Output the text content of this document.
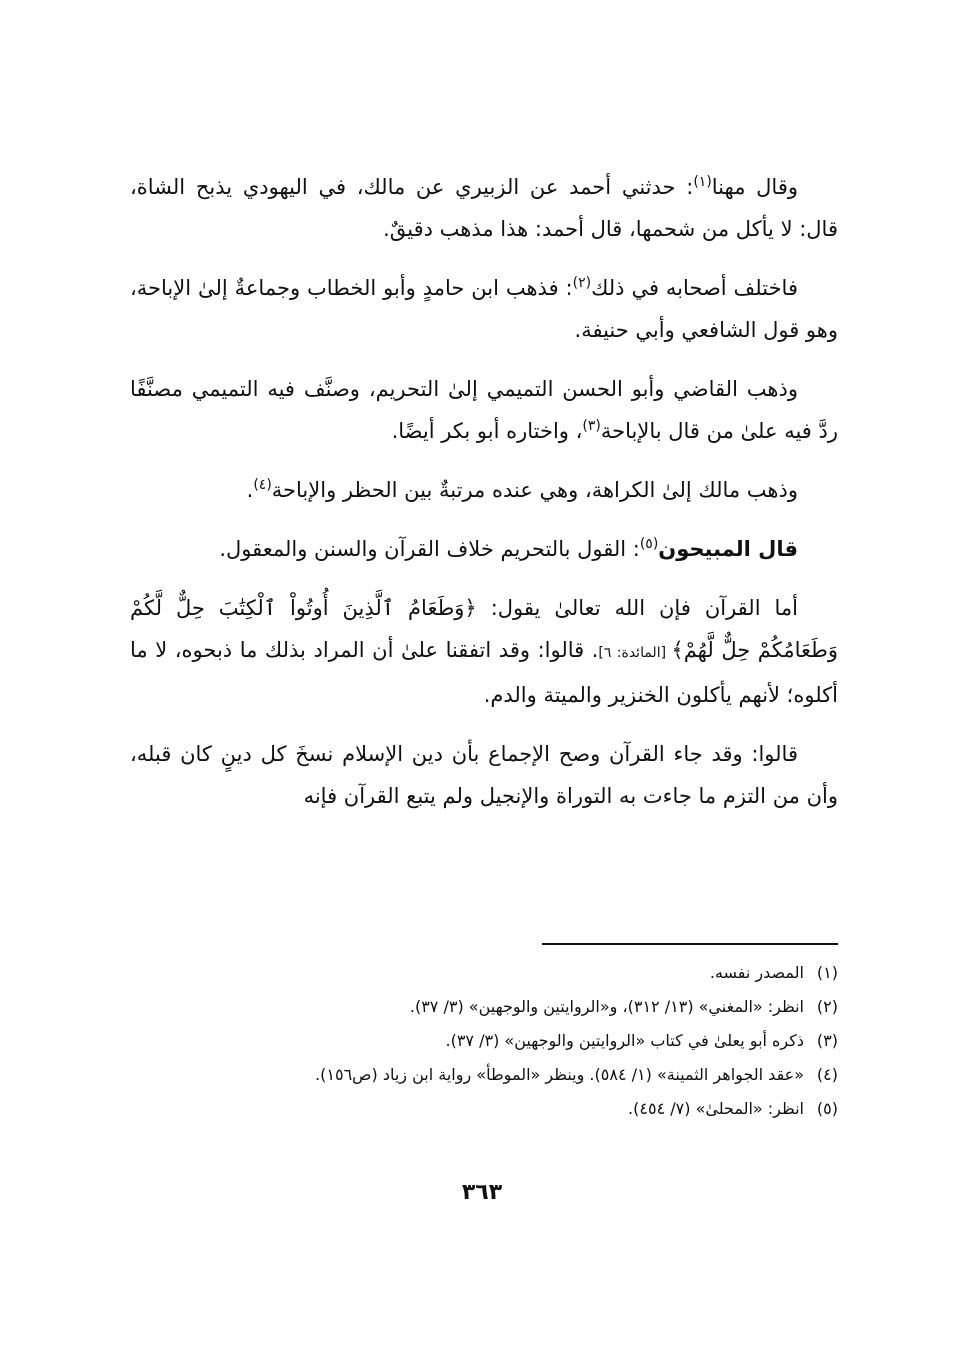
وقال مهنا$^{(١)}$: حدثني أحمد عن الزبيري عن مالك، في اليهودي يذبح الشاة، قال: لا يأكل من شحمها، قال أحمد: هذا مذهب دقيقٌ.

فاختلف أصحابه في ذلك$^{(٢)}$: فذهب ابن حامدٍ وأبو الخطاب وجماعةٌ إلىٰ الإباحة، وهو قول الشافعي وأبي حنيفة.

وذهب القاضي وأبو الحسن التميمي إلىٰ التحريم، وصنَّف فيه التميمي مصنَّفًا ردَّ فيه علىٰ من قال بالإباحة$^{(٣)}$، واختاره أبو بكر أيضًا.

وذهب مالك إلىٰ الكراهة، وهي عنده مرتبةٌ بين الحظر والإباحة$^{(٤)}$.

قال المبيحون$^{(٥)}$: القول بالتحريم خلاف القرآن والسنن والمعقول.

أما القرآن فإن الله تعالىٰ يقول: ﴿وَطَعَامُ ٱلَّذِينَ أُوتُواْ ٱلْكِتَٰبَ حِلٌّ لَّكُمْ وَطَعَامُكُمْ حِلٌّ لَّهُمْ﴾ [المائدة: ٦]. قالوا: وقد اتفقنا علىٰ أن المراد بذلك ما ذبحوه، لا ما أكلوه؛ لأنهم يأكلون الخنزير والميتة والدم.

قالوا: وقد جاء القرآن وصح الإجماع بأن دين الإسلام نسخَ كل دينٍ كان قبله، وأن من التزم ما جاءت به التوراة والإنجيل ولم يتبع القرآن فإنه

(١)المصدر نفسه.
(٢)انظر: «المغني» (١٣/ ٣١٢)، و«الروايتين والوجهين» (٣/ ٣٧).
(٣)ذكره أبو يعلىٰ في كتاب «الروايتين والوجهين» (٣/ ٣٧).
(٤)«عقد الجواهر الثمينة» (١/ ٥٨٤). وينظر «الموطأ» رواية ابن زياد (ص١٥٦).
(٥)انظر: «المحلىٰ» (٧/ ٤٥٤).
٣٦٣
